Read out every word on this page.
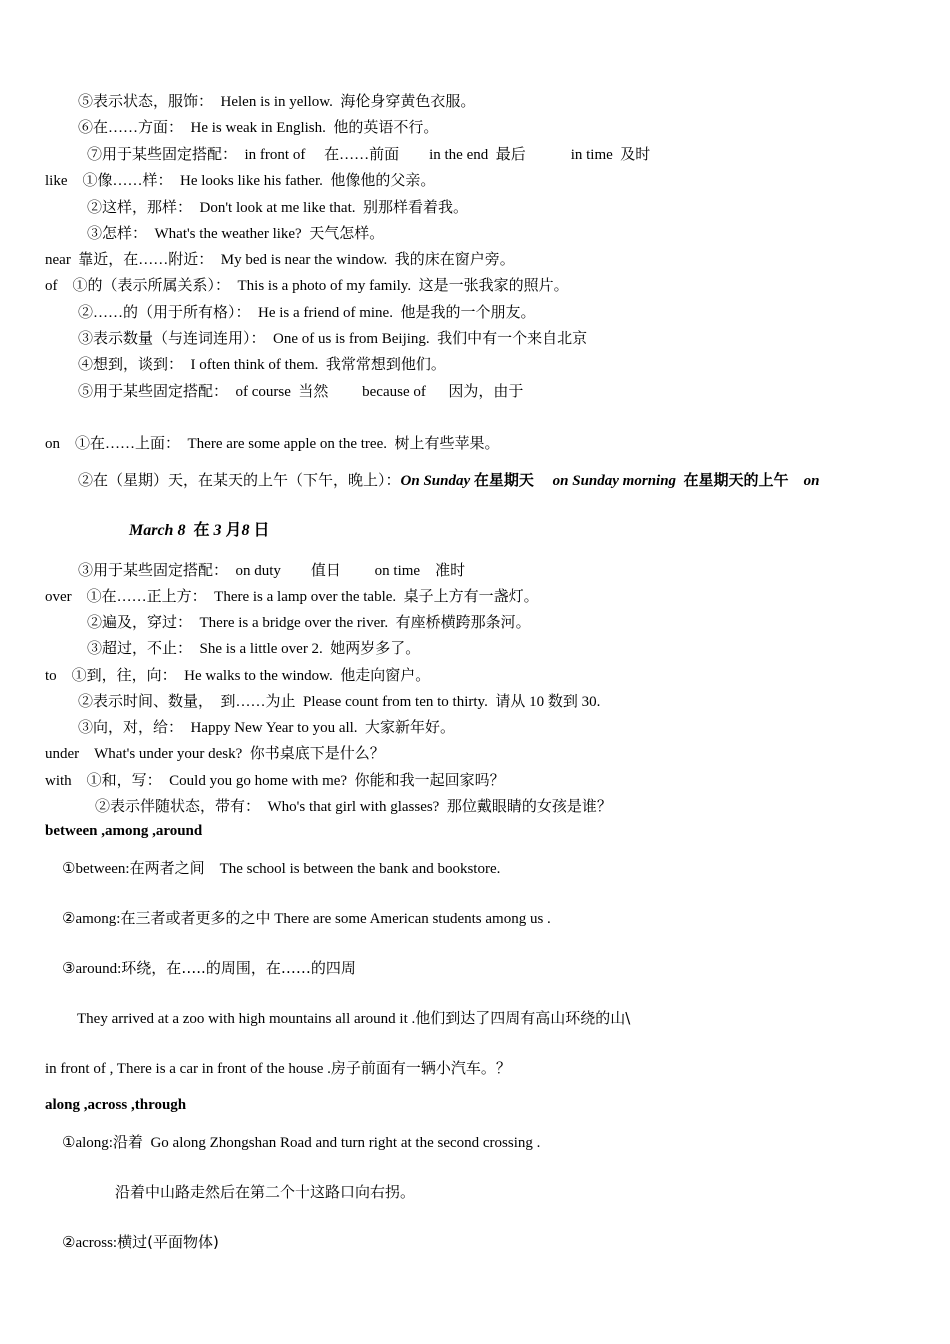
⑤表示状态，服饰：　Helen is in yellow.  海伦身穿黄色衣服。
⑥在……方面：　He is weak in English.  他的英语不行。
⑦用于某些固定搭配：　in front of　 在……前面　　in the end  最后　　　in time  及时
like　①像……样：　He looks like his father.  他像他的父亲。
②这样，那样：　Don't look at me like that.  别那样看着我。
③怎样：　What's the weather like?  天气怎样。
near  靠近，在……附近：　My bed is near the window.  我的床在窗户旁。
of　①的（表示所属关系）：　This is a photo of my family.  这是一张我家的照片。
②……的（用于所有格）：　He is a friend of mine.  他是我的一个朋友。
③表示数量（与连词连用）：　One of us is from Beijing.  我们中有一个来自北京
④想到，谈到：　I often think of them.  我常常想到他们。
⑤用于某些固定搭配：　of course  当然　　 because of　  因为，由于
on　①在……上面：　There are some apple on the tree.  树上有些苹果。
②在（星期）天，在某天的上午（下午，晚上）：On Sunday 在星期天　 on Sunday morning 在星期天的上午　 on
March 8 在 3 月8 日
③用于某些固定搭配：　on duty　　值日　　 on time　准时
over　①在……正上方：　There is a lamp over the table.  桌子上方有一盏灯。
②遍及，穿过：　There is a bridge over the river.  有座桥横跨那条河。
③超过，不止：　She is a little over 2.  她两岁多了。
to　①到，往，向：　He walks to the window.  他走向窗户。
②表示时间、数量，　到……为止  Please count from ten to thirty.  请从 10 数到 30.
③向，对，给：　Happy New Year to you all.  大家新年好。
under　What's under your desk?  你书桌底下是什么？
with　①和，写：　Could you go home with me?  你能和我一起回家吗？
②表示伴随状态，带有：　Who's that girl with glasses?  那位戴眼睛的女孩是谁？
between ,among ,around
①between:在两者之间　The school is between the bank and bookstore.
②among:在三者或者更多的之中 There are some American students among us .
③around:环绕，在…..的周围，在……的四周
They arrived at a zoo with high mountains all around it .他们到达了四周有高山环绕的山\
in front of , There is a car in front of the house .房子前面有一辆小汽车。？
along ,across ,through
①along:沿着  Go along Zhongshan Road and turn right at the second crossing .
沿着中山路走然后在第二个十这路口向右拐。
②across:横过(平面物体)
